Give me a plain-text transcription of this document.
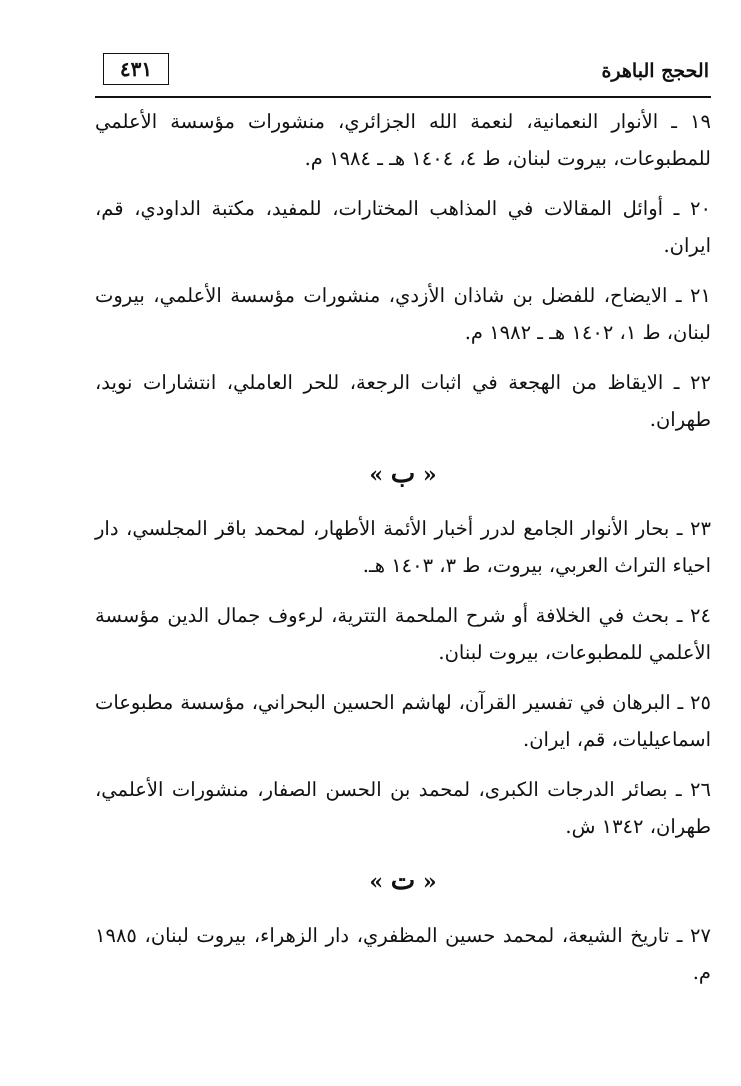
٤٣١	الحجج الباهرة

١٩ ـ الأنوار النعمانية، لنعمة الله الجزائري، منشورات مؤسسة الأعلمي للمطبوعات، بيروت لبنان، ط ٤، ١٤٠٤ هـ ـ ١٩٨٤ م.

٢٠ ـ أوائل المقالات في المذاهب المختارات، للمفيد، مكتبة الداودي، قم، ايران.

٢١ ـ الايضاح، للفضل بن شاذان الأزدي، منشورات مؤسسة الأعلمي، بيروت لبنان، ط ١، ١٤٠٢ هـ ـ ١٩٨٢ م.

٢٢ ـ الايقاظ من الهجعة في اثبات الرجعة، للحر العاملي، انتشارات نويد، طهران.

« ب »

٢٣ ـ بحار الأنوار الجامع لدرر أخبار الأئمة الأطهار، لمحمد باقر المجلسي، دار احياء التراث العربي، بيروت، ط ٣، ١٤٠٣ هـ.

٢٤ ـ بحث في الخلافة أو شرح الملحمة التترية، لرءوف جمال الدين مؤسسة الأعلمي للمطبوعات، بيروت لبنان.

٢٥ ـ البرهان في تفسير القرآن، لهاشم الحسين البحراني، مؤسسة مطبوعات اسماعيليات، قم، ايران.

٢٦ ـ بصائر الدرجات الكبرى، لمحمد بن الحسن الصفار، منشورات الأعلمي، طهران، ١٣٤٢ ش.

« ت »

٢٧ ـ تاريخ الشيعة، لمحمد حسين المظفري، دار الزهراء، بيروت لبنان، ١٩٨٥ م.
